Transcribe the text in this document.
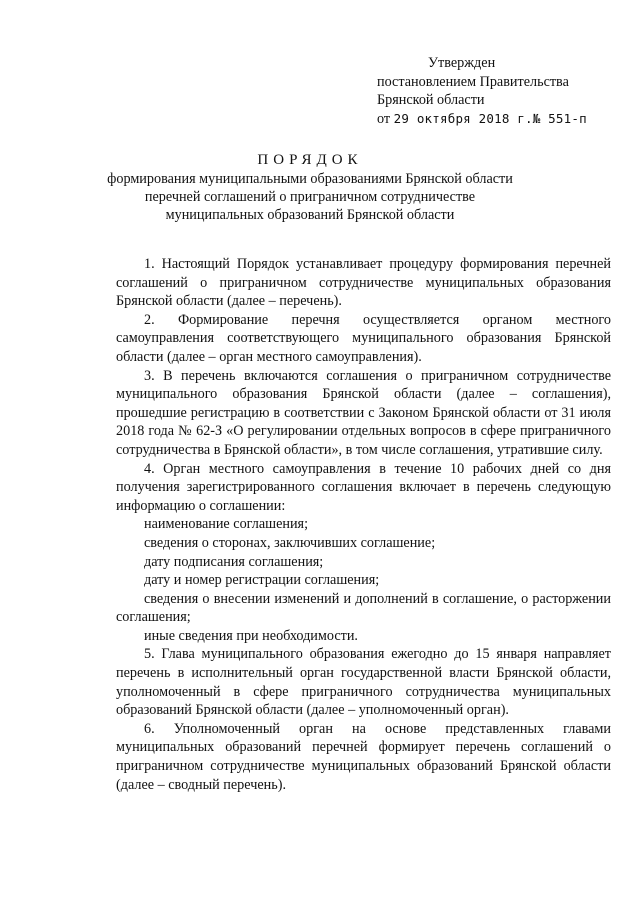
Утвержден
постановлением Правительства
Брянской области
от 29 октября 2018 г.№ 551-п
ПОРЯДОК
формирования муниципальными образованиями Брянской области
перечней соглашений о приграничном сотрудничестве
муниципальных образований Брянской области

1. Настоящий Порядок устанавливает процедуру формирования перечней соглашений о приграничном сотрудничестве муниципальных образования Брянской области (далее – перечень).

2. Формирование перечня осуществляется органом местного самоуправления соответствующего муниципального образования Брянской области (далее – орган местного самоуправления).

3. В перечень включаются соглашения о приграничном сотрудничестве муниципального образования Брянской области (далее – соглашения), прошедшие регистрацию в соответствии с Законом Брянской области от 31 июля 2018 года № 62-З «О регулировании отдельных вопросов в сфере приграничного сотрудничества в Брянской области», в том числе соглашения, утратившие силу.

4. Орган местного самоуправления в течение 10 рабочих дней со дня получения зарегистрированного соглашения включает в перечень следующую информацию о соглашении:

наименование соглашения;

сведения о сторонах, заключивших соглашение;

дату подписания соглашения;

дату и номер регистрации соглашения;

сведения о внесении изменений и дополнений в соглашение, о расторжении соглашения;

иные сведения при необходимости.

5. Глава муниципального образования ежегодно до 15 января направляет перечень в исполнительный орган государственной власти Брянской области, уполномоченный в сфере приграничного сотрудничества муниципальных образований Брянской области (далее – уполномоченный орган).

6. Уполномоченный орган на основе представленных главами муниципальных образований перечней формирует перечень соглашений о приграничном сотрудничестве муниципальных образований Брянской области (далее – сводный перечень).
